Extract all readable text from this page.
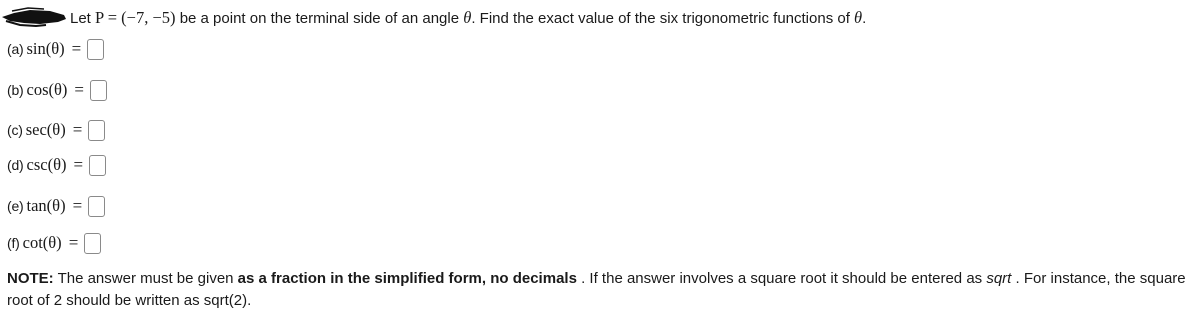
Let P = (−7, −5) be a point on the terminal side of an angle θ. Find the exact value of the six trigonometric functions of θ.
(a) sin(θ) =
(b) cos(θ) =
(c) sec(θ) =
(d) csc(θ) =
(e) tan(θ) =
(f) cot(θ) =
NOTE: The answer must be given as a fraction in the simplified form, no decimals . If the answer involves a square root it should be entered as sqrt . For instance, the square root of 2 should be written as sqrt(2).
